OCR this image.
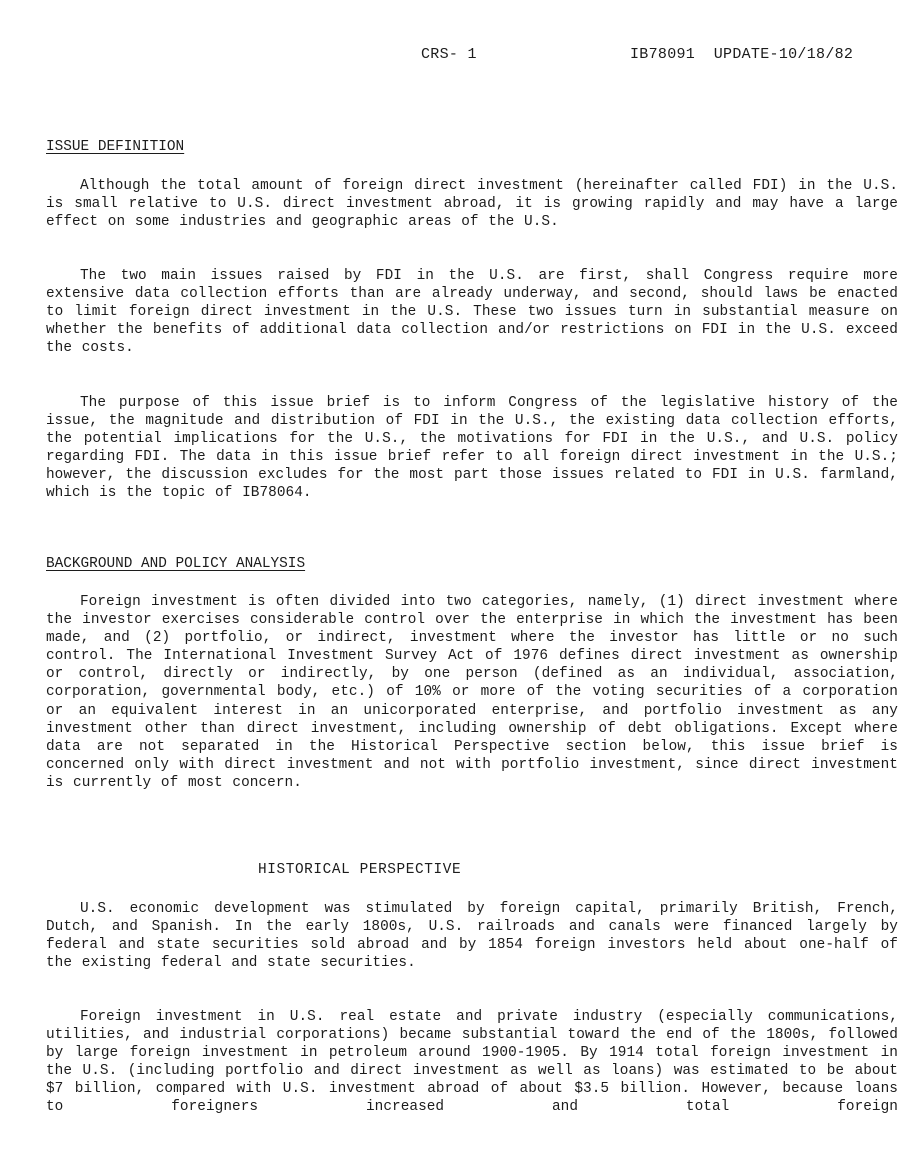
CRS- 1	IB78091  UPDATE-10/18/82
ISSUE DEFINITION

Although the total amount of foreign direct investment (hereinafter called FDI) in the U.S. is small relative to U.S. direct investment abroad, it is growing rapidly and may have a large effect on some industries and geographic areas of the U.S.

The two main issues raised by FDI in the U.S. are first, shall Congress require more extensive data collection efforts than are already underway, and second, should laws be enacted to limit foreign direct investment in the U.S. These two issues turn in substantial measure on whether the benefits of additional data collection and/or restrictions on FDI in the U.S. exceed the costs.

The purpose of this issue brief is to inform Congress of the legislative history of the issue, the magnitude and distribution of FDI in the U.S., the existing data collection efforts, the potential implications for the U.S., the motivations for FDI in the U.S., and U.S. policy regarding FDI. The data in this issue brief refer to all foreign direct investment in the U.S.; however, the discussion excludes for the most part those issues related to FDI in U.S. farmland, which is the topic of IB78064.

BACKGROUND AND POLICY ANALYSIS

Foreign investment is often divided into two categories, namely, (1) direct investment where the investor exercises considerable control over the enterprise in which the investment has been made, and (2) portfolio, or indirect, investment where the investor has little or no such control. The International Investment Survey Act of 1976 defines direct investment as ownership or control, directly or indirectly, by one person (defined as an individual, association, corporation, governmental body, etc.) of 10% or more of the voting securities of a corporation or an equivalent interest in an unicorporated enterprise, and portfolio investment as any investment other than direct investment, including ownership of debt obligations. Except where data are not separated in the Historical Perspective section below, this issue brief is concerned only with direct investment and not with portfolio investment, since direct investment is currently of most concern.

HISTORICAL PERSPECTIVE

U.S. economic development was stimulated by foreign capital, primarily British, French, Dutch, and Spanish. In the early 1800s, U.S. railroads and canals were financed largely by federal and state securities sold abroad and by 1854 foreign investors held about one-half of the existing federal and state securities.

Foreign investment in U.S. real estate and private industry (especially communications, utilities, and industrial corporations) became substantial toward the end of the 1800s, followed by large foreign investment in petroleum around 1900-1905. By 1914 total foreign investment in the U.S. (including portfolio and direct investment as well as loans) was estimated to be about $7 billion, compared with U.S. investment abroad of about $3.5 billion. However, because loans to foreigners increased and total foreign
